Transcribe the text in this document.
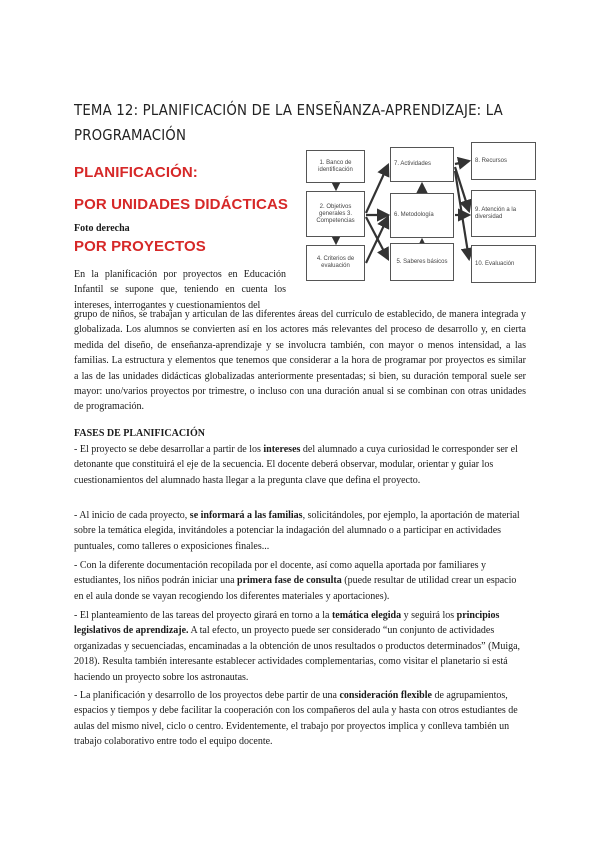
TEMA 12: PLANIFICACIÓN DE LA ENSEÑANZA-APRENDIZAJE: LA PROGRAMACIÓN
PLANIFICACIÓN:
POR UNIDADES DIDÁCTICAS

Foto derecha

POR PROYECTOS

En la planificación por proyectos en Educación Infantil se supone que, teniendo en cuenta los intereses, interrogantes y cuestionamientos del

grupo de niños, se trabajan y articulan de las diferentes áreas del currículo de establecido, de manera integrada y globalizada. Los alumnos se convierten así en los actores más relevantes del proceso de desarrollo y, en cierta medida del diseño, de enseñanza-aprendizaje y se involucra también, con mayor o menos intensidad, a las familias. La estructura y elementos que tenemos que considerar a la hora de programar por proyectos es similar a las de las unidades didácticas globalizadas anteriormente presentadas; si bien, su duración temporal suele ser mayor: uno/varios proyectos por trimestre, o incluso con una duración anual si se combinan con otras unidades de programación.

1. Banco de identificación
2. Objetivos generales 3. Competencias
4. Criterios de evaluación
7. Actividades
6. Metodología
5. Saberes básicos
8. Recursos
9. Atención a la diversidad
10. Evaluación

FASES DE PLANIFICACIÓN

- El proyecto se debe desarrollar a partir de los intereses del alumnado a cuya curiosidad le corresponder ser el detonante que constituirá el eje de la secuencia. El docente deberá observar, modular, orientar y guiar los cuestionamientos del alumnado hasta llegar a la pregunta clave que defina el proyecto.

- Al inicio de cada proyecto, se informará a las familias, solicitándoles, por ejemplo, la aportación de material sobre la temática elegida, invitándoles a potenciar la indagación del alumnado o a participar en actividades puntuales, como talleres o exposiciones finales...

- Con la diferente documentación recopilada por el docente, así como aquella aportada por familiares y estudiantes, los niños podrán iniciar una primera fase de consulta (puede resultar de utilidad crear un espacio en el aula donde se vayan recogiendo los diferentes materiales y aportaciones).

- El planteamiento de las tareas del proyecto girará en torno a la temática elegida y seguirá los principios legislativos de aprendizaje. A tal efecto, un proyecto puede ser considerado “un conjunto de actividades organizadas y secuenciadas, encaminadas a la obtención de unos resultados o productos determinados” (Muiga, 2018). Resulta también interesante establecer actividades complementarias, como visitar el planetario si está haciendo un proyecto sobre los astronautas.

- La planificación y desarrollo de los proyectos debe partir de una consideración flexible de agrupamientos, espacios y tiempos y debe facilitar la cooperación con los compañeros del aula y hasta con otros estudiantes de aulas del mismo nivel, ciclo o centro. Evidentemente, el trabajo por proyectos implica y conlleva también un trabajo colaborativo entre todo el equipo docente.
